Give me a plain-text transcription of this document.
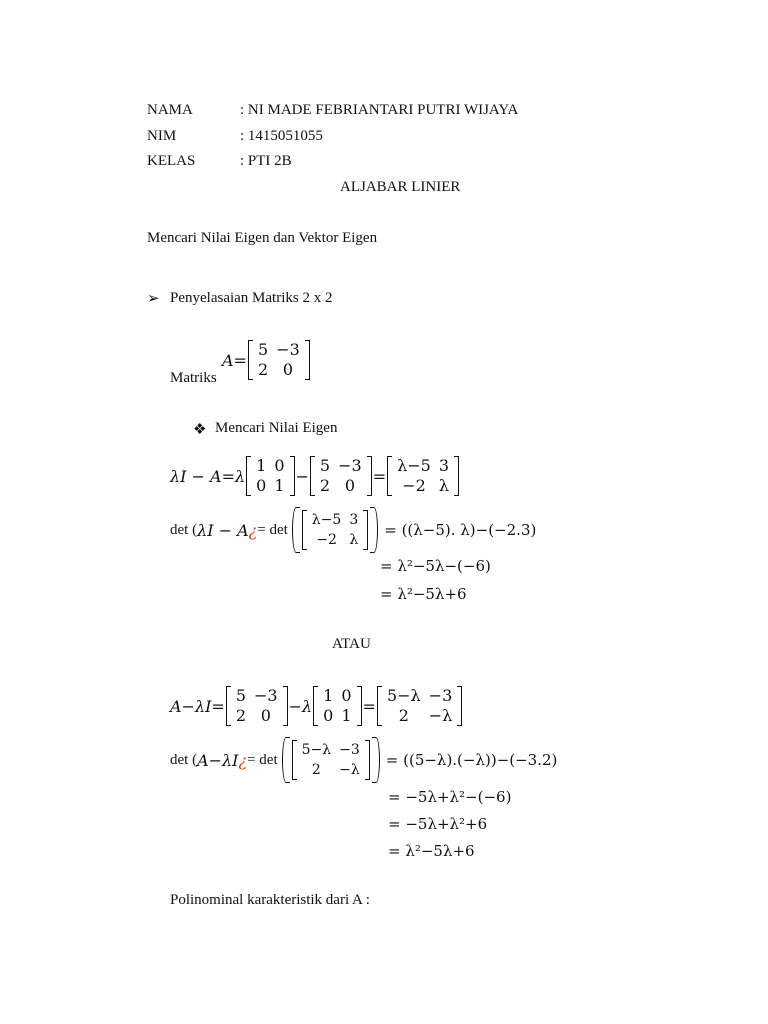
NAMA	: NI MADE FEBRIANTARI PUTRI WIJAYA
NIM	: 1415051055
KELAS	: PTI 2B
ALJABAR LINIER
Mencari Nilai Eigen dan Vektor Eigen
➢ Penyelasaian Matriks 2 x 2
Matriks
A=
5	−3
2	0
❖ Mencari Nilai Eigen
λI − A=λ
1	0
0	1 −
5	−3
2	0 =
λ−5	3
−2	λ
det ( λI − A ¿ = det
λ−5	3
−2	λ
= ((λ−5). λ)−(−2.3)
= λ²−5λ−(−6)
= λ²−5λ+6
ATAU
A−λI=
5	−3
2	0 −λ
1	0
0	1 =
5−λ	−3
2	−λ
det ( A−λI ¿ = det
5−λ	−3
2	−λ
= ((5−λ).(−λ))−(−3.2)
= −5λ+λ²−(−6)
= −5λ+λ²+6
= λ²−5λ+6
Polinominal karakteristik dari A :
